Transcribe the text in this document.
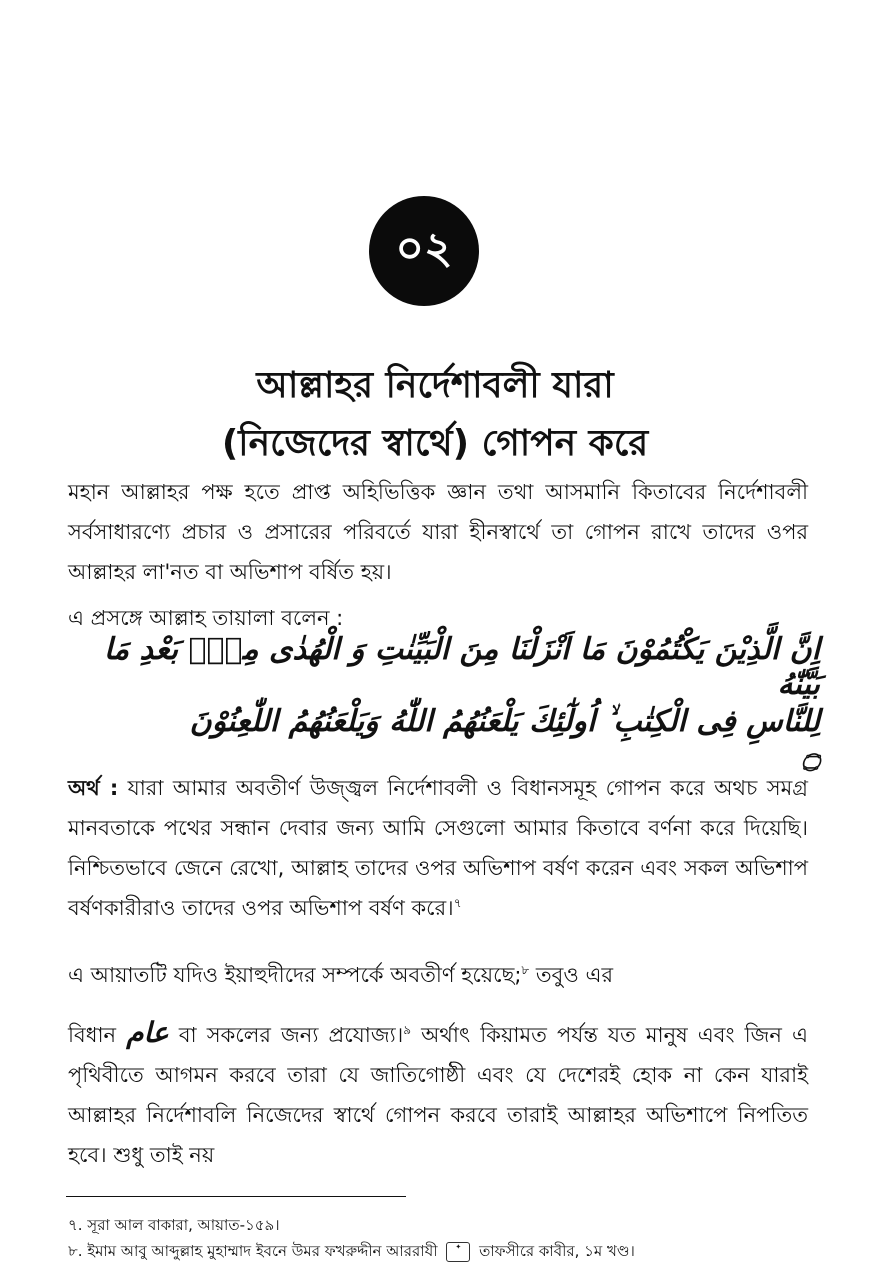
০২
আল্লাহর নির্দেশাবলী যারা
(নিজেদের স্বার্থে) গোপন করে
মহান আল্লাহর পক্ষ হতে প্রাপ্ত অহিভিত্তিক জ্ঞান তথা আসমানি কিতাবের নির্দেশাবলী সর্বসাধারণ্যে প্রচার ও প্রসারের পরিবর্তে যারা হীনস্বার্থে তা গোপন রাখে তাদের ওপর আল্লাহর লা'নত বা অভিশাপ বর্ষিত হয়।
এ প্রসঙ্গে আল্লাহ তায়ালা বলেন :
اِنَّ الَّذِيْنَ يَكْتُمُوْنَ مَا اَنْزَلْنَا مِنَ الْبَيِّنٰتِ وَ الْهُدٰى مِنْۢ بَعْدِ مَا بَيَّنّٰهُ
لِلنَّاسِ فِى الْكِتٰبِ ۙ اُولٰٓئِكَ يَلْعَنُهُمُ اللّٰهُ وَيَلْعَنُهُمُ اللّٰعِنُوْنَ ۝
অর্থ : যারা আমার অবতীর্ণ উজ্জ্বল নির্দেশাবলী ও বিধানসমূহ গোপন করে অথচ সমগ্র মানবতাকে পথের সন্ধান দেবার জন্য আমি সেগুলো আমার কিতাবে বর্ণনা করে দিয়েছি। নিশ্চিতভাবে জেনে রেখো, আল্লাহ তাদের ওপর অভিশাপ বর্ষণ করেন এবং সকল অভিশাপ বর্ষণকারীরাও তাদের ওপর অভিশাপ বর্ষণ করে।$^৭$
এ আয়াতটি যদিও ইয়াহুদীদের সম্পর্কে অবতীর্ণ হয়েছে;$^৮$ তবুও এর
বিধান عام বা সকলের জন্য প্রযোজ্য।$^৯$ অর্থাৎ কিয়ামত পর্যন্ত যত মানুষ এবং জিন এ পৃথিবীতে আগমন করবে তারা যে জাতিগোষ্ঠী এবং যে দেশেরই হোক না কেন যারাই আল্লাহর নির্দেশাবলি নিজেদের স্বার্থে গোপন করবে তারাই আল্লাহর অভিশাপে নিপতিত হবে। শুধু তাই নয়
৭. সূরা আল বাকারা, আয়াত-১৫৯।
৮. ইমাম আবু আব্দুল্লাহ মুহাম্মাদ ইবনে উমর ফখরুদ্দীন আররাযী	✦ তাফসীরে কাবীর, ১ম খণ্ড।
